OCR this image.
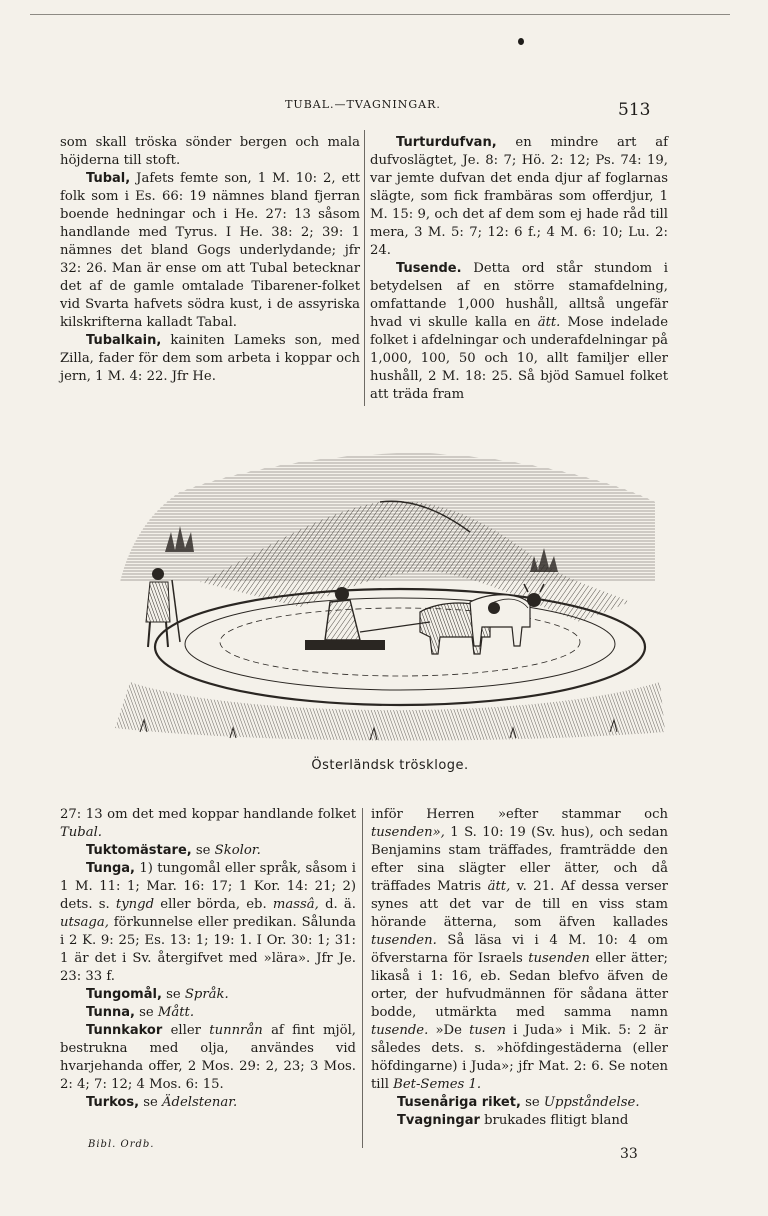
TUBAL.—TVAGNINGAR.	513

som skall tröska sönder bergen och mala höjderna till stoft.

Tubal, Jafets femte son, 1 M. 10: 2, ett folk som i Es. 66: 19 nämnes bland fjerran boende hedningar och i He. 27: 13 såsom handlande med Tyrus. I He. 38: 2; 39: 1 nämnes det bland Gogs underlydande; jfr 32: 26. Man är ense om att Tubal betecknar det af de gamle omtalade Tibarener-folket vid Svarta hafvets södra kust, i de assyriska kilskrifterna kalladt Tabal.

Tubalkain, kainiten Lameks son, med Zilla, fader för dem som arbeta i koppar och jern, 1 M. 4: 22. Jfr He.

Turturdufvan, en mindre art af dufvoslägtet, Je. 8: 7; Hö. 2: 12; Ps. 74: 19, var jemte dufvan det enda djur af foglarnas slägte, som fick frambäras som offerdjur, 1 M. 15: 9, och det af dem som ej hade råd till mera, 3 M. 5: 7; 12: 6 f.; 4 M. 6: 10; Lu. 2: 24.

Tusende. Detta ord står stundom i betydelsen af en större stamafdelning, omfattande 1,000 hushåll, alltså ungefär hvad vi skulle kalla en ätt. Mose indelade folket i afdelningar och underafdelningar på 1,000, 100, 50 och 10, allt familjer eller hushåll, 2 M. 18: 25. Så bjöd Samuel folket att träda fram

Österländsk tröskloge.

27: 13 om det med koppar handlande folket Tubal.

Tuktomästare, se Skolor.

Tunga, 1) tungomål eller språk, såsom i 1 M. 11: 1; Mar. 16: 17; 1 Kor. 14: 21; 2) dets. s. tyngd eller börda, eb. massâ, d. ä. utsaga, förkunnelse eller predikan. Sålunda i 2 K. 9: 25; Es. 13: 1; 19: 1. I Or. 30: 1; 31: 1 är det i Sv. återgifvet med »lära». Jfr Je. 23: 33 f.

Tungomål, se Språk.

Tunna, se Mått.

Tunnkakor eller tunnrån af fint mjöl, bestrukna med olja, användes vid hvarjehanda offer, 2 Mos. 29: 2, 23; 3 Mos. 2: 4; 7: 12; 4 Mos. 6: 15.

Turkos, se Ädelstenar.

inför Herren »efter stammar och tusenden», 1 S. 10: 19 (Sv. hus), och sedan Benjamins stam träffades, framträdde den efter sina slägter eller ätter, och då träffades Matris ätt, v. 21. Af dessa verser synes att det var de till en viss stam hörande ätterna, som äfven kallades tusenden. Så läsa vi i 4 M. 10: 4 om öfverstarna för Israels tusenden eller ätter; likaså i 1: 16, eb. Sedan blefvo äfven de orter, der hufvudmännen för sådana ätter bodde, utmärkta med samma namn tusende. »De tusen i Juda» i Mik. 5: 2 är således dets. s. »höfdingestäderna (eller höfdingarne) i Juda»; jfr Mat. 2: 6. Se noten till Bet-Semes 1.

Tusenåriga riket, se Uppståndelse.

Tvagningar brukades flitigt bland

Bibl. Ordb.
33
